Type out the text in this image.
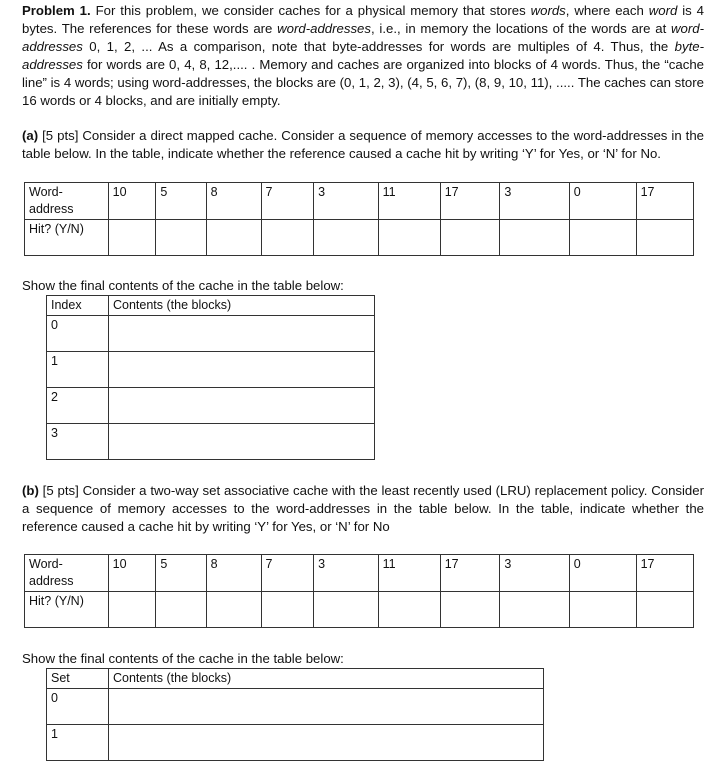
Problem 1. For this problem, we consider caches for a physical memory that stores words, where each word is 4 bytes. The references for these words are word-addresses, i.e., in memory the locations of the words are at word-addresses 0, 1, 2, ... As a comparison, note that byte-addresses for words are multiples of 4. Thus, the byte-addresses for words are 0, 4, 8, 12,.... . Memory and caches are organized into blocks of 4 words. Thus, the “cache line” is 4 words; using word-addresses, the blocks are (0, 1, 2, 3), (4, 5, 6, 7), (8, 9, 10, 11), ..... The caches can store 16 words or 4 blocks, and are initially empty.
(a) [5 pts] Consider a direct mapped cache. Consider a sequence of memory accesses to the word-addresses in the table below. In the table, indicate whether the reference caused a cache hit by writing ‘Y’ for Yes, or ‘N’ for No.
Word-address	10	5	8	7	3	11	17	3	0	17
Hit? (Y/N)										
Show the final contents of the cache in the table below:
Index	Contents (the blocks)
0	
1	
2	
3	
(b) [5 pts] Consider a two-way set associative cache with the least recently used (LRU) replacement policy. Consider a sequence of memory accesses to the word-addresses in the table below. In the table, indicate whether the reference caused a cache hit by writing ‘Y’ for Yes, or ‘N’ for No
Word-address	10	5	8	7	3	11	17	3	0	17
Hit? (Y/N)										
Show the final contents of the cache in the table below:
Set	Contents (the blocks)
0	
1	
